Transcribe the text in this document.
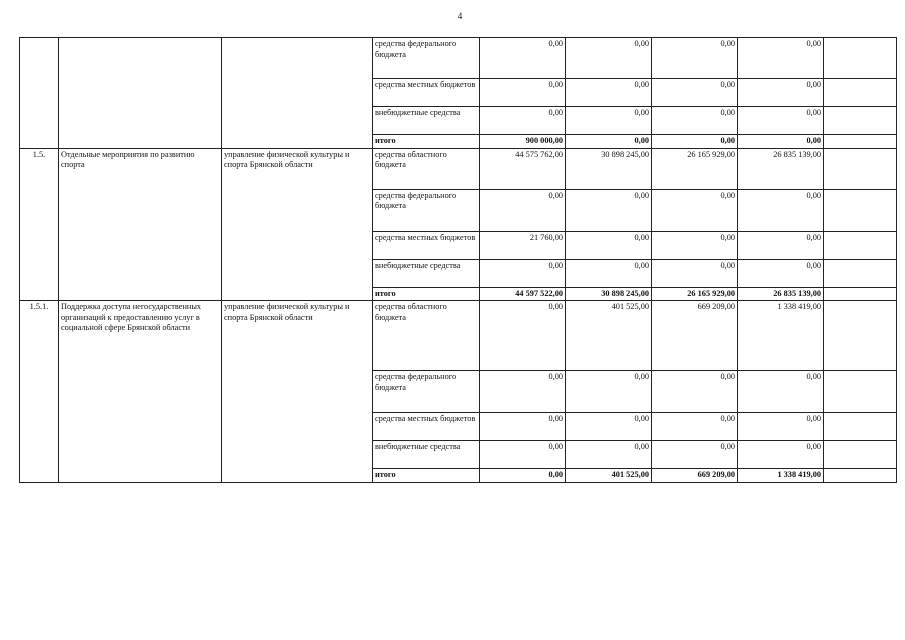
4
			средства федерального бюджета	0,00	0,00	0,00	0,00	
			средства местных бюджетов	0,00	0,00	0,00	0,00	
			внебюджетные средства	0,00	0,00	0,00	0,00	
			итого	900 000,00	0,00	0,00	0,00	
1.5.	Отдельные мероприятия по развитию спорта	управление физической культуры и спорта Брянской области	средства областного бюджета	44 575 762,00	30 898 245,00	26 165 929,00	26 835 139,00	
			средства федерального бюджета	0,00	0,00	0,00	0,00	
			средства местных бюджетов	21 760,00	0,00	0,00	0,00	
			внебюджетные средства	0,00	0,00	0,00	0,00	
			итого	44 597 522,00	30 898 245,00	26 165 929,00	26 835 139,00	
1.5.1.	Поддержка доступа негосударственных организаций к предоставлению услуг в социальной сфере Брянской области	управление физической культуры и спорта Брянской области	средства областного бюджета	0,00	401 525,00	669 209,00	1 338 419,00	
			средства федерального бюджета	0,00	0,00	0,00	0,00	
			средства местных бюджетов	0,00	0,00	0,00	0,00	
			внебюджетные средства	0,00	0,00	0,00	0,00	
			итого	0,00	401 525,00	669 209,00	1 338 419,00	
